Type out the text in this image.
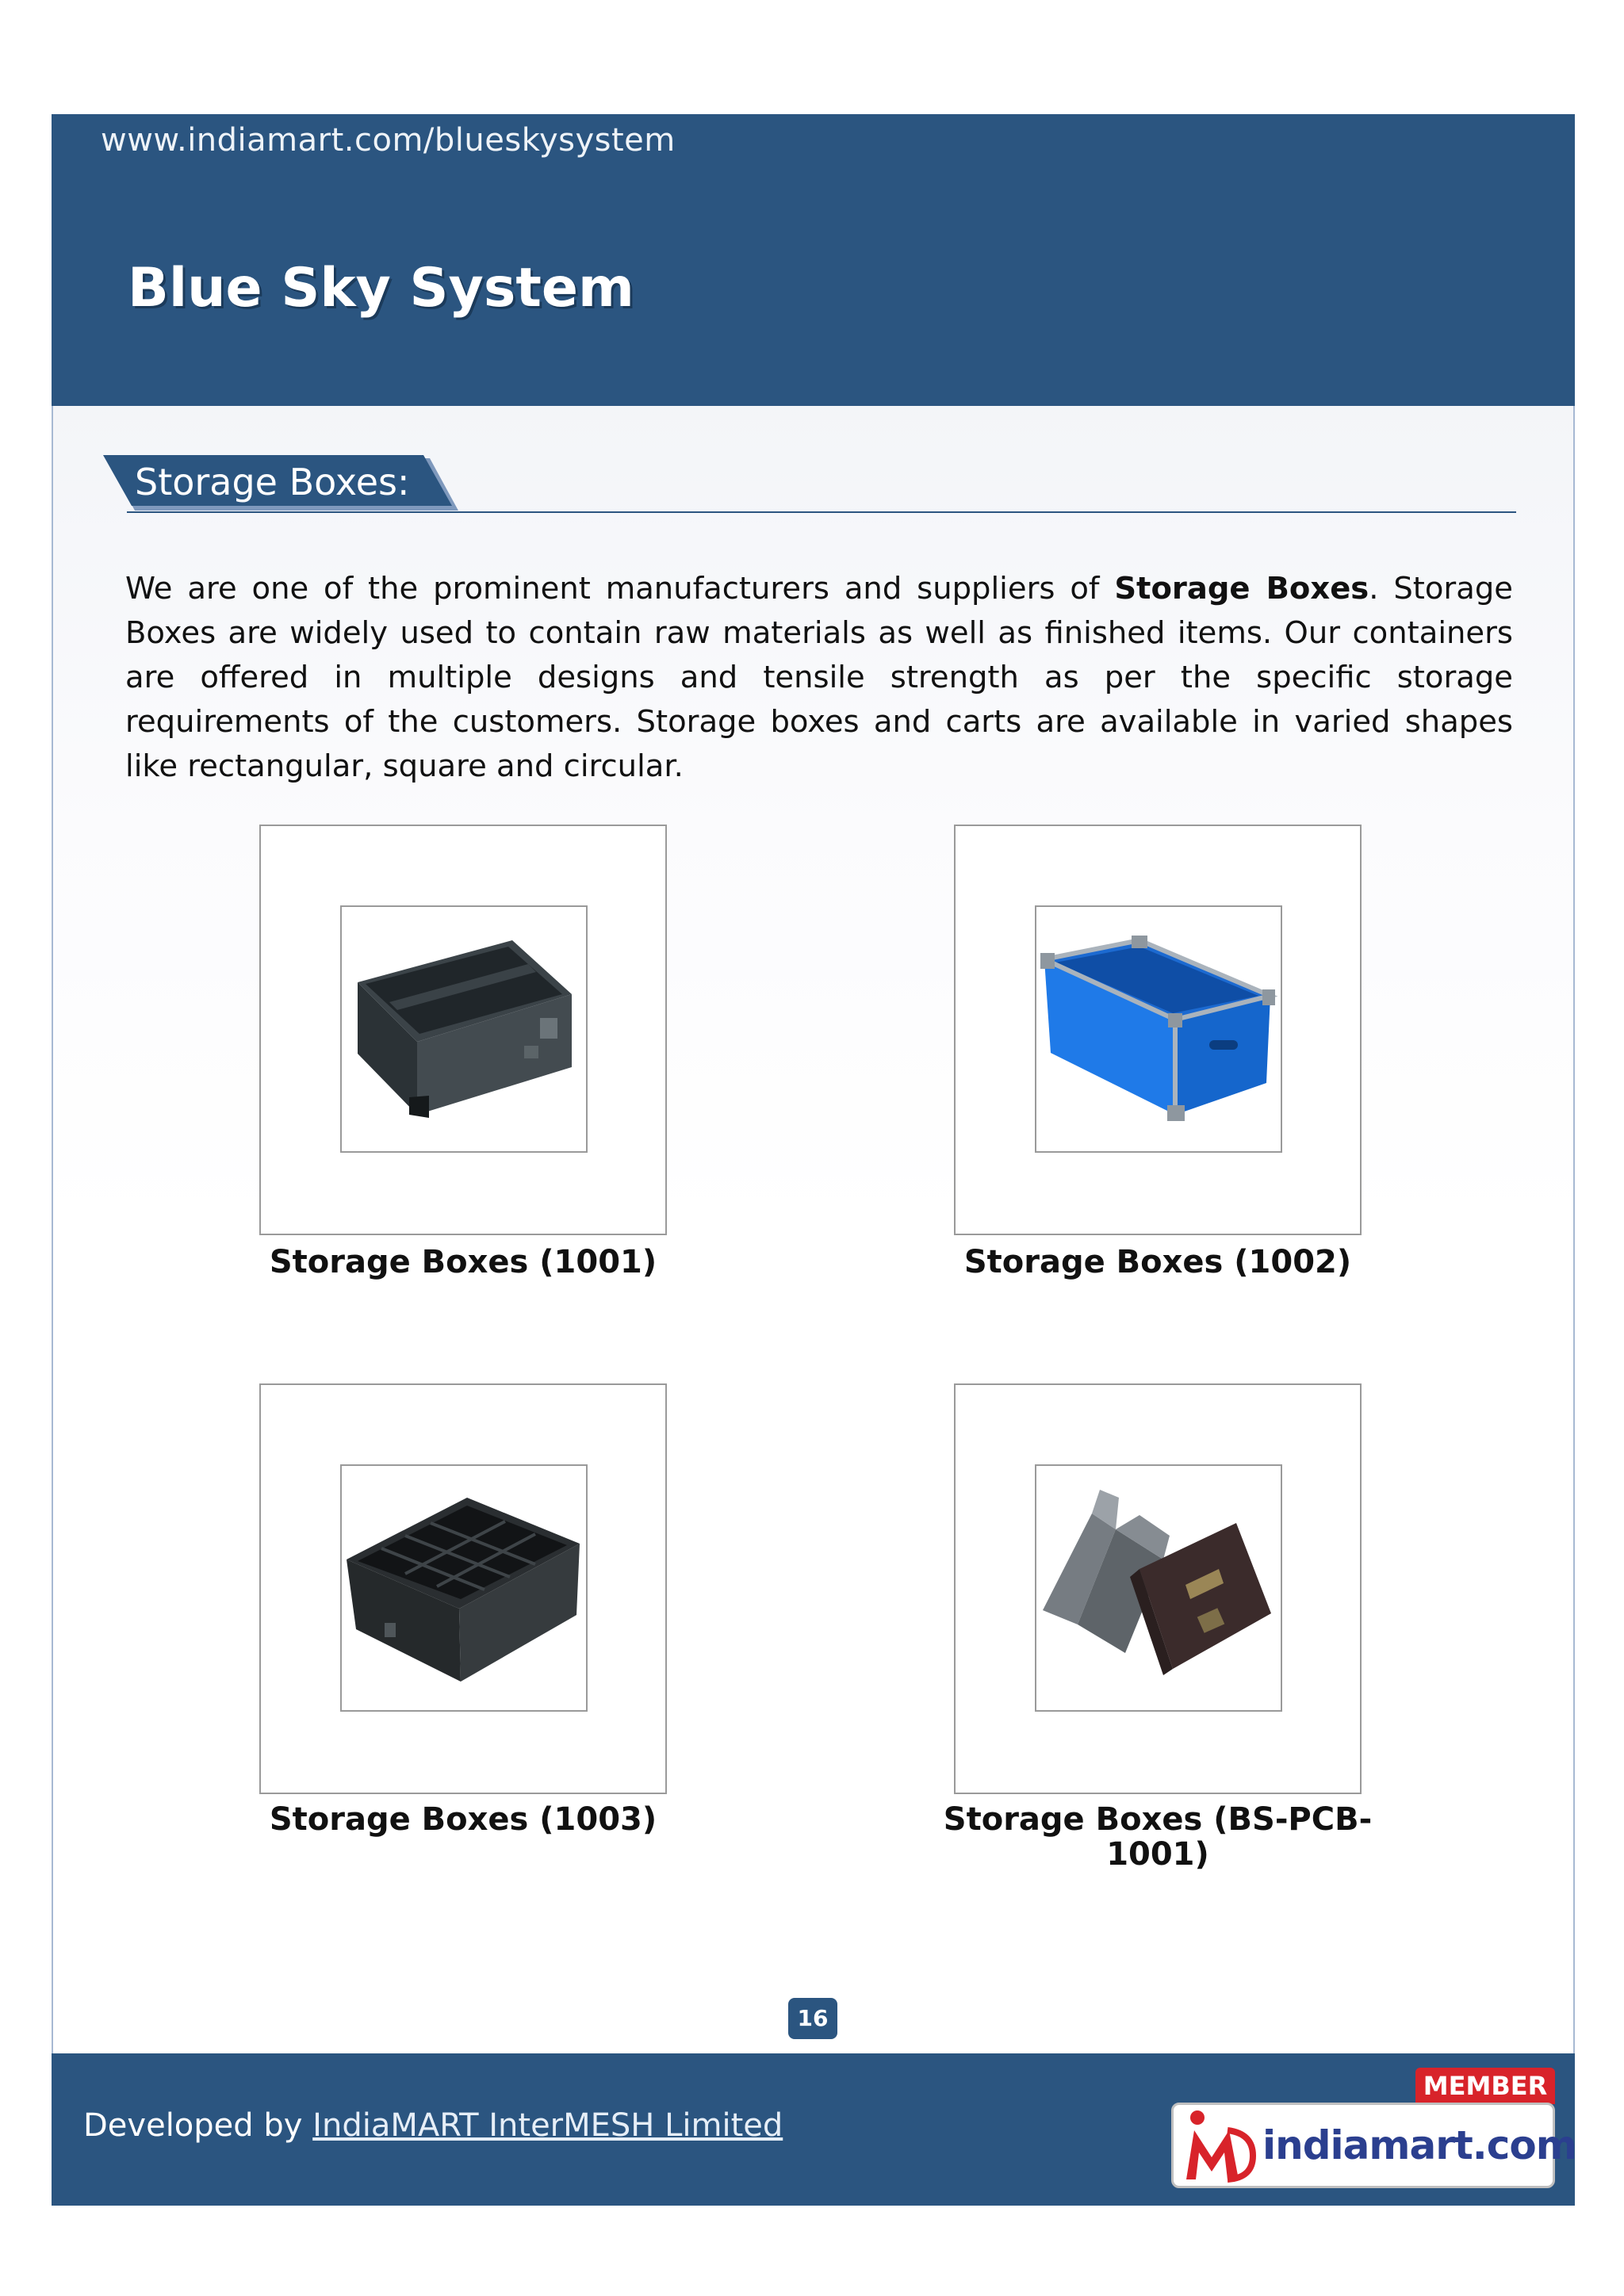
www.indiamart.com/blueskysystem
Blue Sky System
Storage Boxes:

We are one of the prominent manufacturers and suppliers of Storage Boxes. Storage Boxes are widely used to contain raw materials as well as finished items. Our containers are offered in multiple designs and tensile strength as per the specific storage requirements of the customers. Storage boxes and carts are available in varied shapes like rectangular, square and circular.

Storage Boxes (1001)	Storage Boxes (1002)
Storage Boxes (1003)	Storage Boxes (BS-PCB-1001)
16
Developed by IndiaMART InterMESH Limited
MEMBER
indiamart.com
